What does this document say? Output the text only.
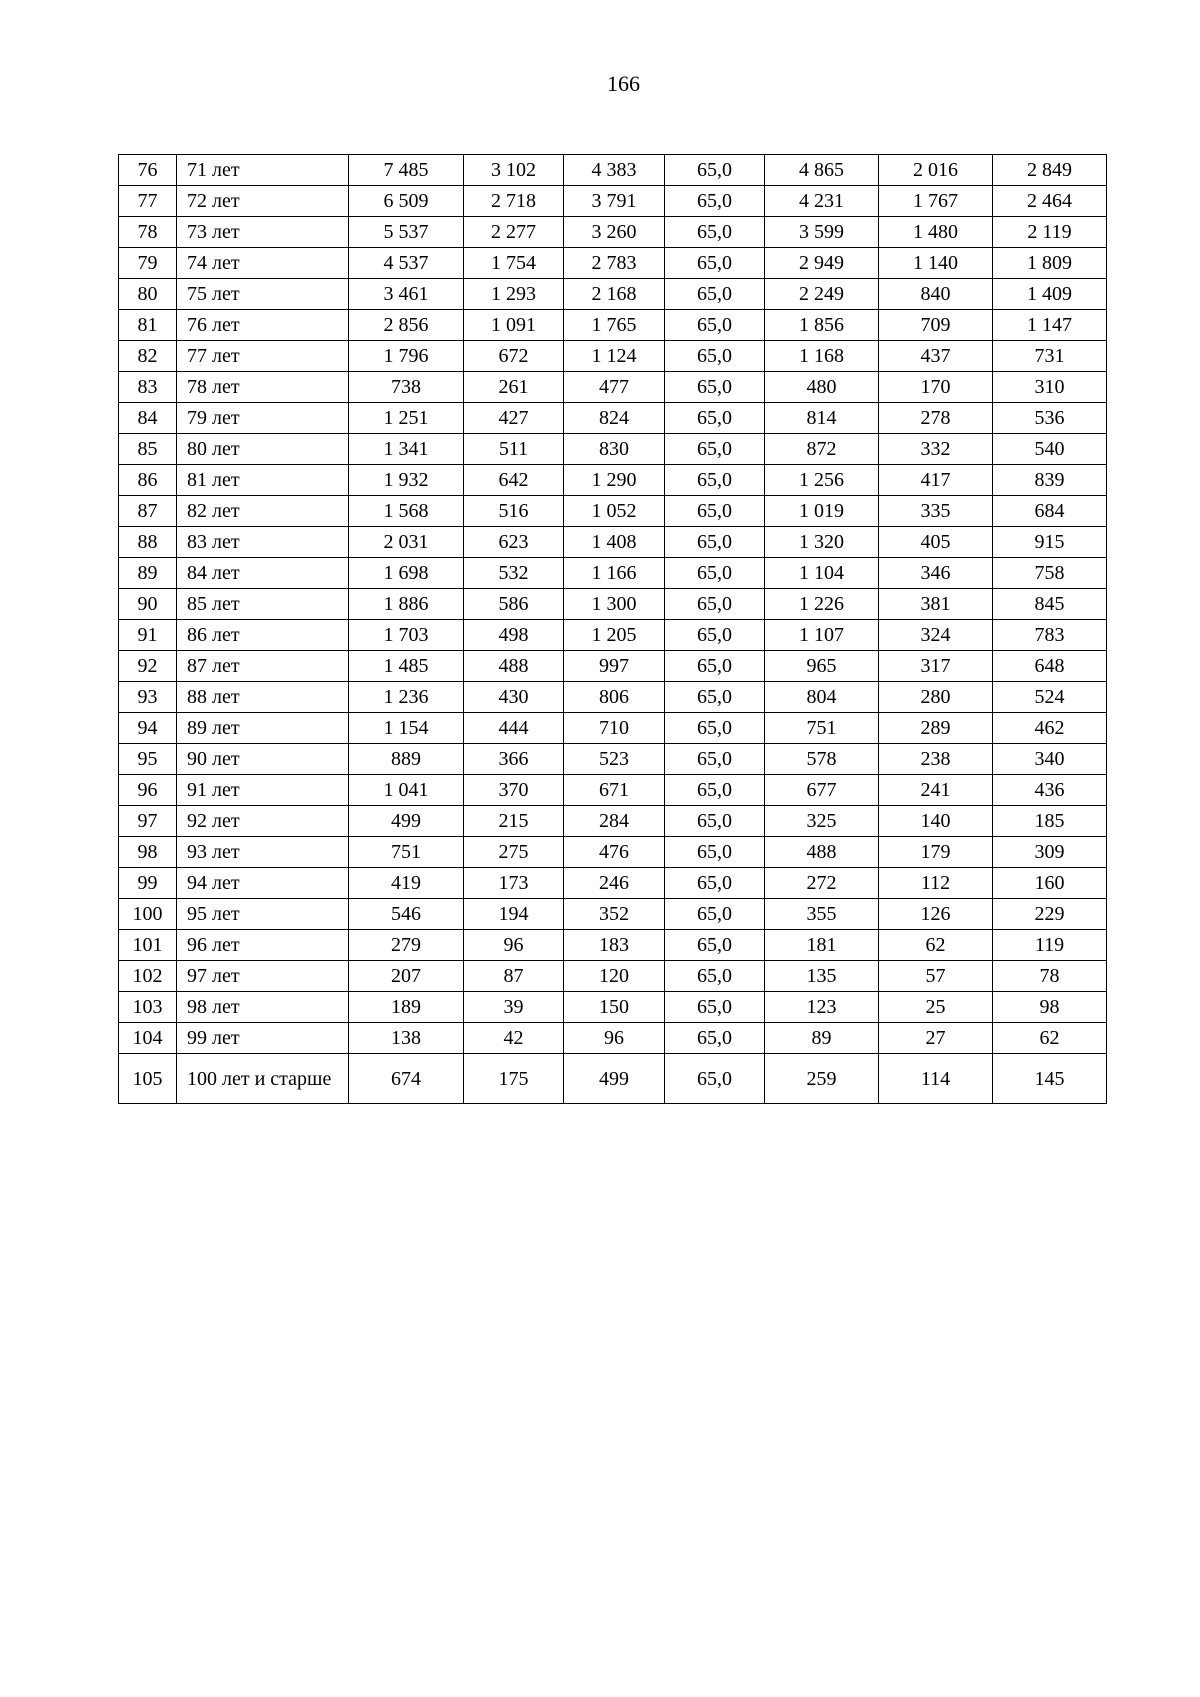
166
76	71 лет	7 485	3 102	4 383	65,0	4 865	2 016	2 849
77	72 лет	6 509	2 718	3 791	65,0	4 231	1 767	2 464
78	73 лет	5 537	2 277	3 260	65,0	3 599	1 480	2 119
79	74 лет	4 537	1 754	2 783	65,0	2 949	1 140	1 809
80	75 лет	3 461	1 293	2 168	65,0	2 249	840	1 409
81	76 лет	2 856	1 091	1 765	65,0	1 856	709	1 147
82	77 лет	1 796	672	1 124	65,0	1 168	437	731
83	78 лет	738	261	477	65,0	480	170	310
84	79 лет	1 251	427	824	65,0	814	278	536
85	80 лет	1 341	511	830	65,0	872	332	540
86	81 лет	1 932	642	1 290	65,0	1 256	417	839
87	82 лет	1 568	516	1 052	65,0	1 019	335	684
88	83 лет	2 031	623	1 408	65,0	1 320	405	915
89	84 лет	1 698	532	1 166	65,0	1 104	346	758
90	85 лет	1 886	586	1 300	65,0	1 226	381	845
91	86 лет	1 703	498	1 205	65,0	1 107	324	783
92	87 лет	1 485	488	997	65,0	965	317	648
93	88 лет	1 236	430	806	65,0	804	280	524
94	89 лет	1 154	444	710	65,0	751	289	462
95	90 лет	889	366	523	65,0	578	238	340
96	91 лет	1 041	370	671	65,0	677	241	436
97	92 лет	499	215	284	65,0	325	140	185
98	93 лет	751	275	476	65,0	488	179	309
99	94 лет	419	173	246	65,0	272	112	160
100	95 лет	546	194	352	65,0	355	126	229
101	96 лет	279	96	183	65,0	181	62	119
102	97 лет	207	87	120	65,0	135	57	78
103	98 лет	189	39	150	65,0	123	25	98
104	99 лет	138	42	96	65,0	89	27	62
105	100 лет и старше	674	175	499	65,0	259	114	145
